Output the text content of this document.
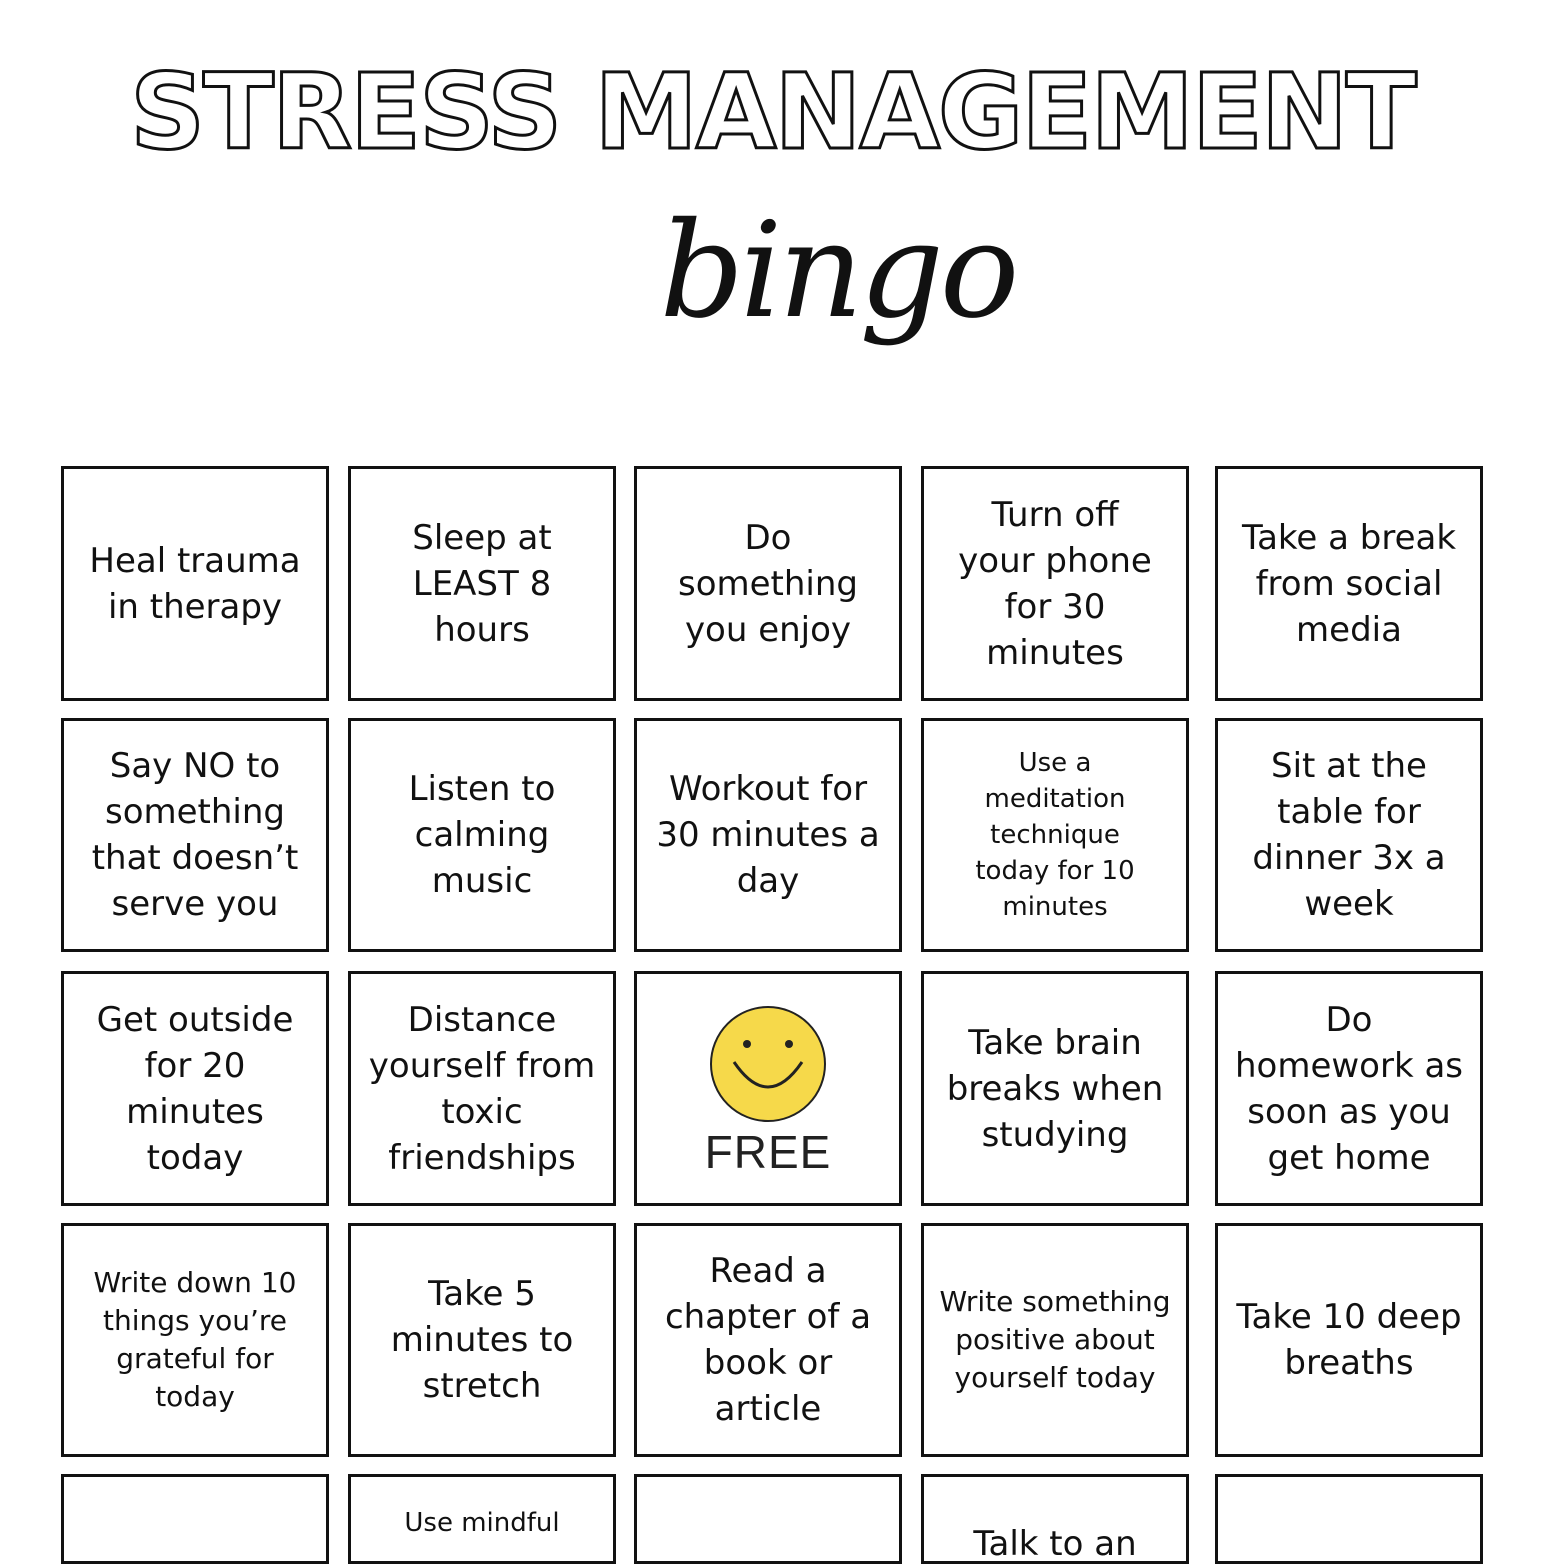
STRESS MANAGEMENT
bingo
Heal trauma in therapy
Sleep at LEAST 8 hours
Do something you enjoy
Turn off your phone for 30 minutes
Take a break from social media
Say NO to something that doesn’t serve you
Listen to calming music
Workout for 30 minutes a day
Use a meditation technique today for 10 minutes
Sit at the table for dinner 3x a week
Get outside for 20 minutes today
Distance yourself from toxic friendships	FREE
Take brain breaks when studying
Do homework as soon as you get home
Write down 10 things you’re grateful for today
Take 5 minutes to stretch
Read a chapter of a book or article
Write something positive about yourself today
Take 10 deep breaths
Use mindful
Talk to an
